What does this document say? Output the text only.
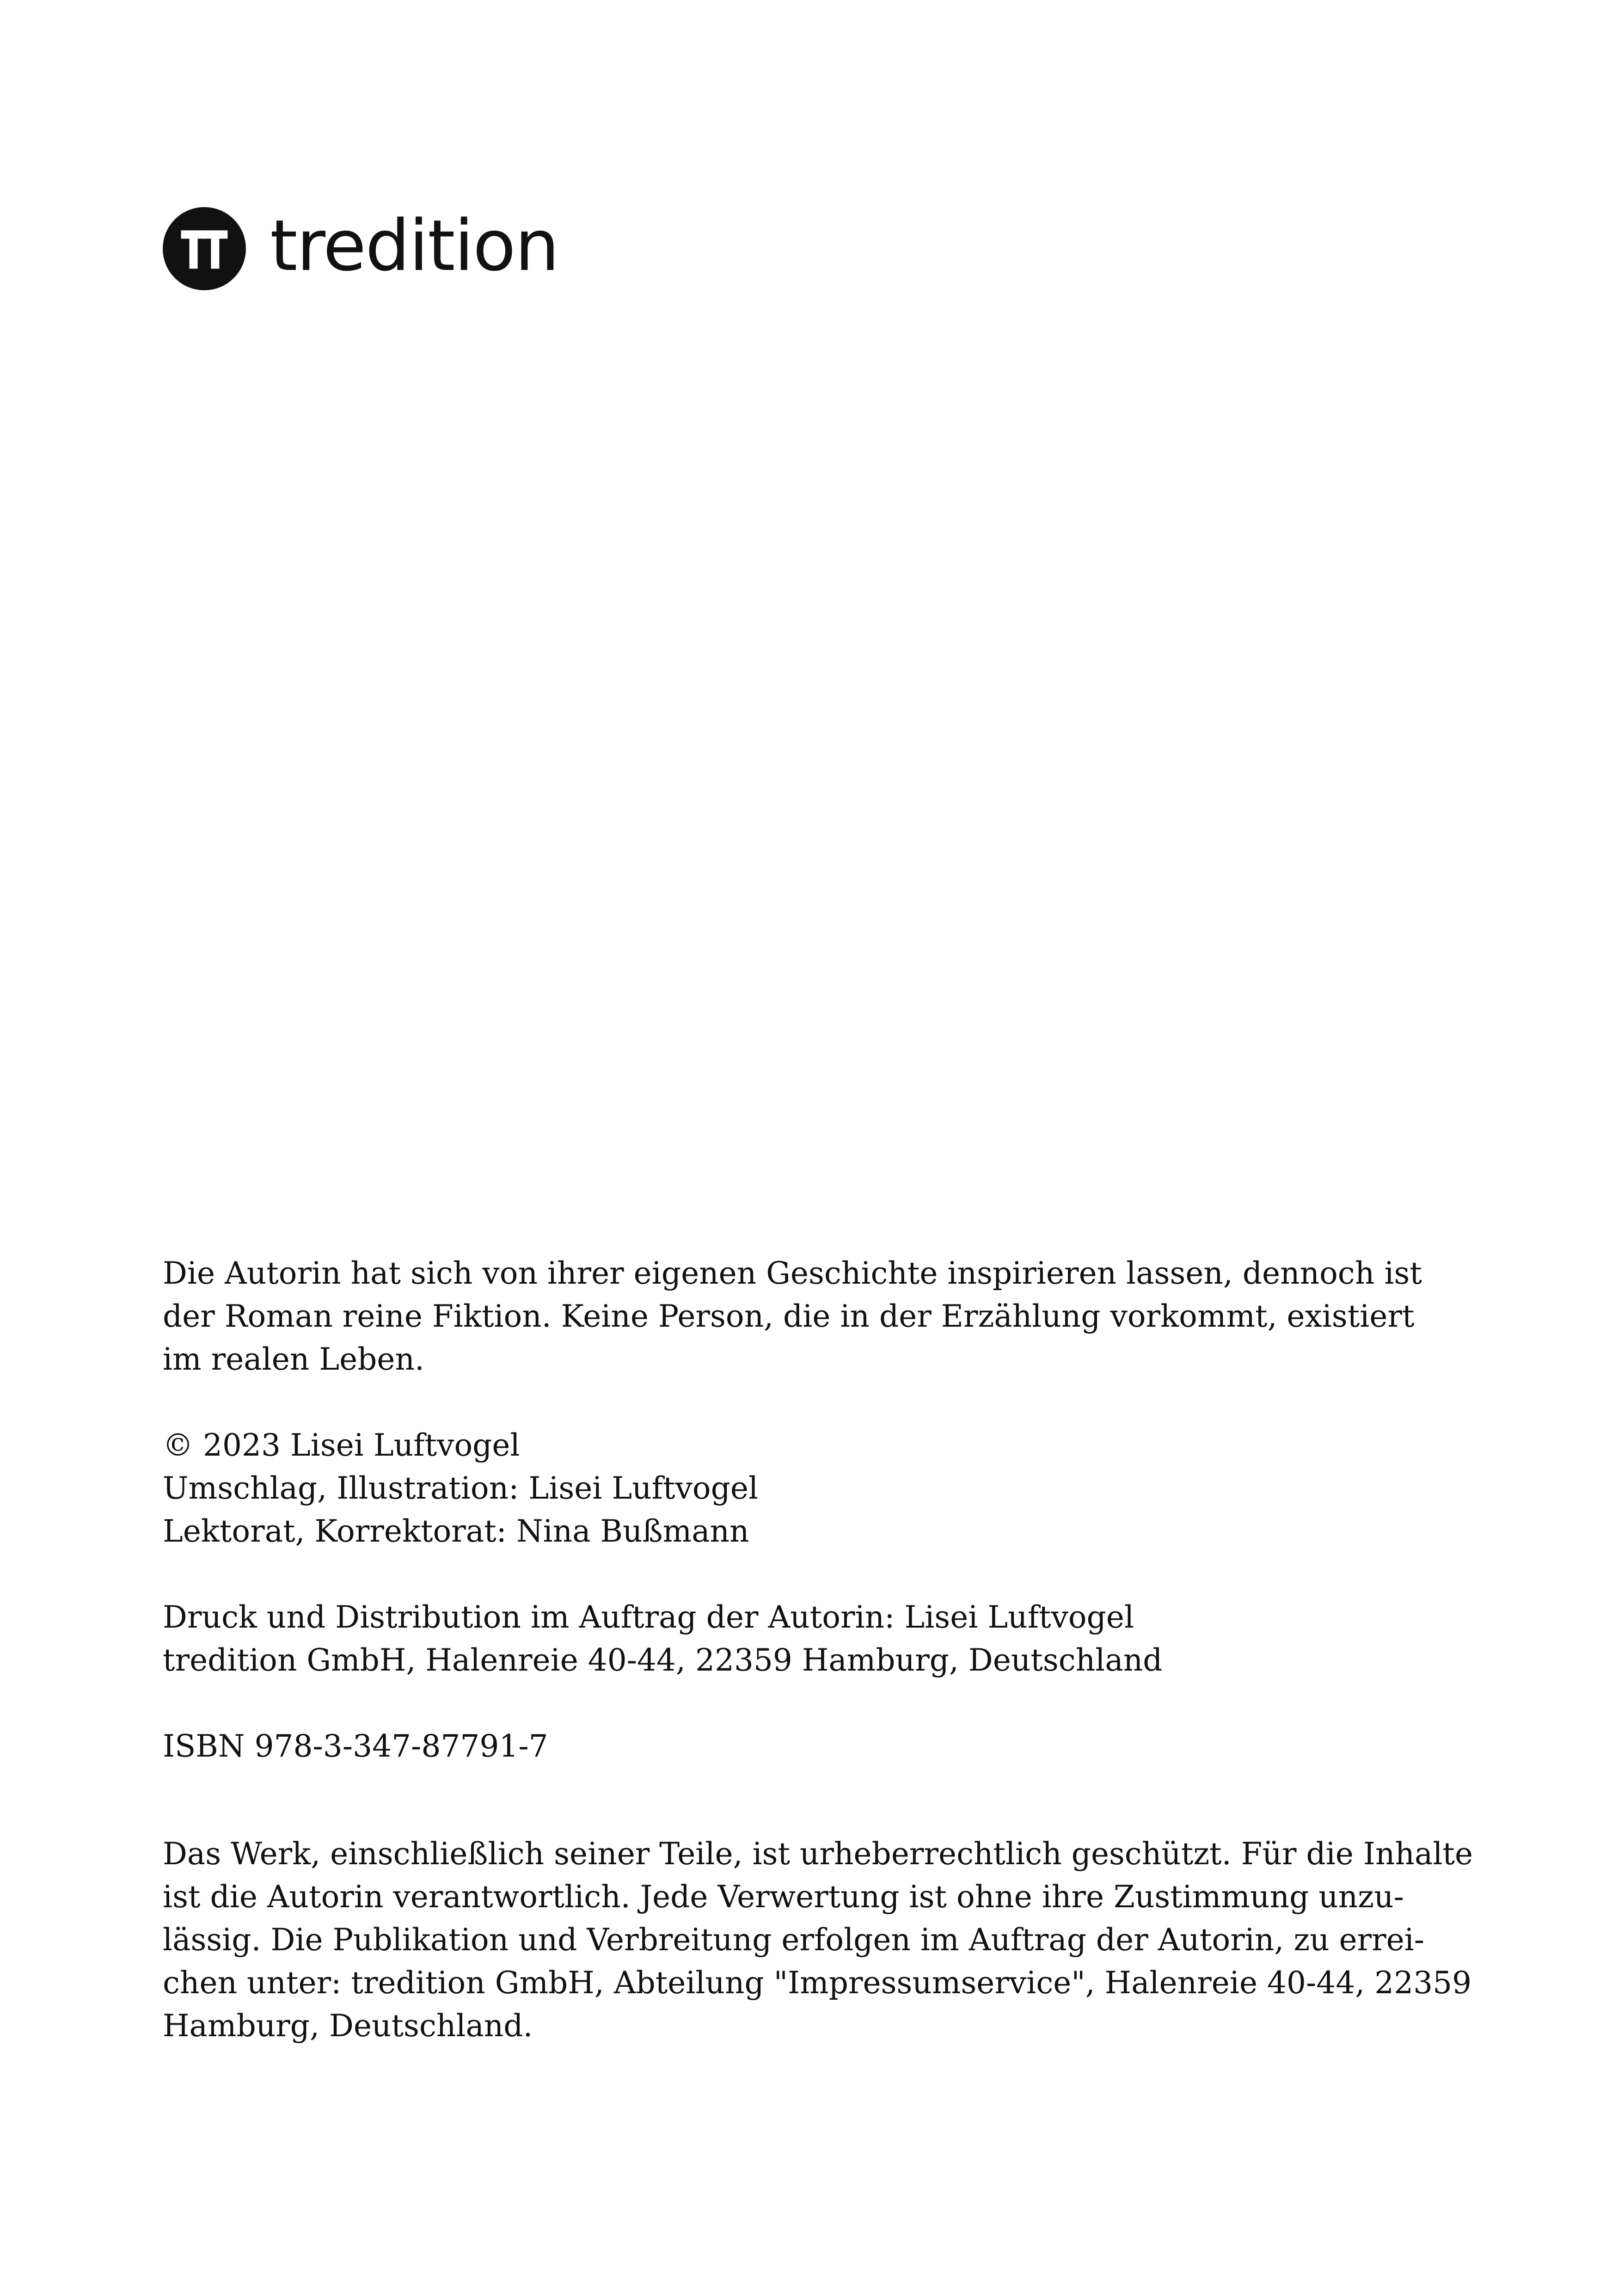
tredition

Die Autorin hat sich von ihrer eigenen Geschichte inspirieren lassen, dennoch ist
der Roman reine Fiktion. Keine Person, die in der Erzählung vorkommt, existiert
im realen Leben.

© 2023 Lisei Luftvogel
Umschlag, Illustration: Lisei Luftvogel
Lektorat, Korrektorat: Nina Bußmann

Druck und Distribution im Auftrag der Autorin: Lisei Luftvogel
tredition GmbH, Halenreie 40-44, 22359 Hamburg, Deutschland

ISBN 978-3-347-87791-7

Das Werk, einschließlich seiner Teile, ist urheberrechtlich geschützt. Für die Inhalte
ist die Autorin verantwortlich. Jede Verwertung ist ohne ihre Zustimmung unzu-
lässig. Die Publikation und Verbreitung erfolgen im Auftrag der Autorin, zu errei-
chen unter: tredition GmbH, Abteilung "Impressumservice", Halenreie 40-44, 22359
Hamburg, Deutschland.
